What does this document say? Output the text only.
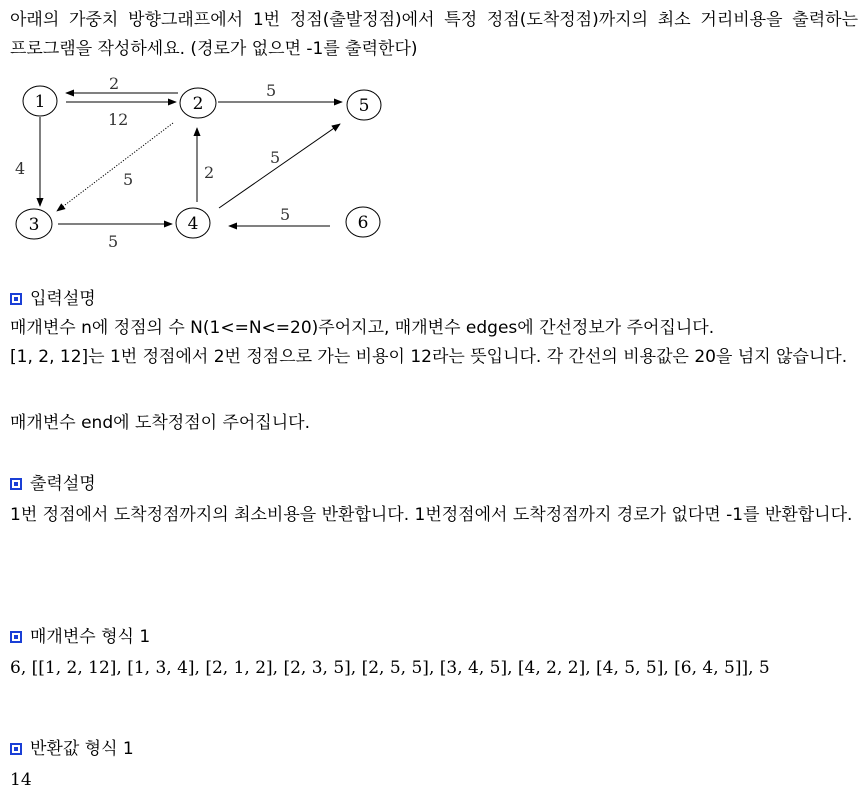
아래의 가중치 방향그래프에서 1번 정점(출발정점)에서 특정 정점(도착정점)까지의 최소 거리비용을 출력하는 프로그램을 작성하세요. (경로가 없으면 -1를 출력한다)

2
12
5
4
5	2
5
5
5
1	2	5
3	4	6
입력설명

매개변수 n에 정점의 수 N(1<=N<=20)주어지고, 매개변수 edges에 간선정보가 주어집니다.

[1, 2, 12]는 1번 정점에서 2번 정점으로 가는 비용이 12라는 뜻입니다. 각 간선의 비용값은 20을 넘지 않습니다.

매개변수 end에 도착정점이 주어집니다.

출력설명

1번 정점에서 도착정점까지의 최소비용을 반환합니다. 1번정점에서 도착정점까지 경로가 없다면 -1를 반환합니다.

매개변수 형식 1

6, [[1, 2, 12], [1, 3, 4], [2, 1, 2], [2, 3, 5], [2, 5, 5], [3, 4, 5], [4, 2, 2], [4, 5, 5], [6, 4, 5]], 5

반환값 형식 1

14
